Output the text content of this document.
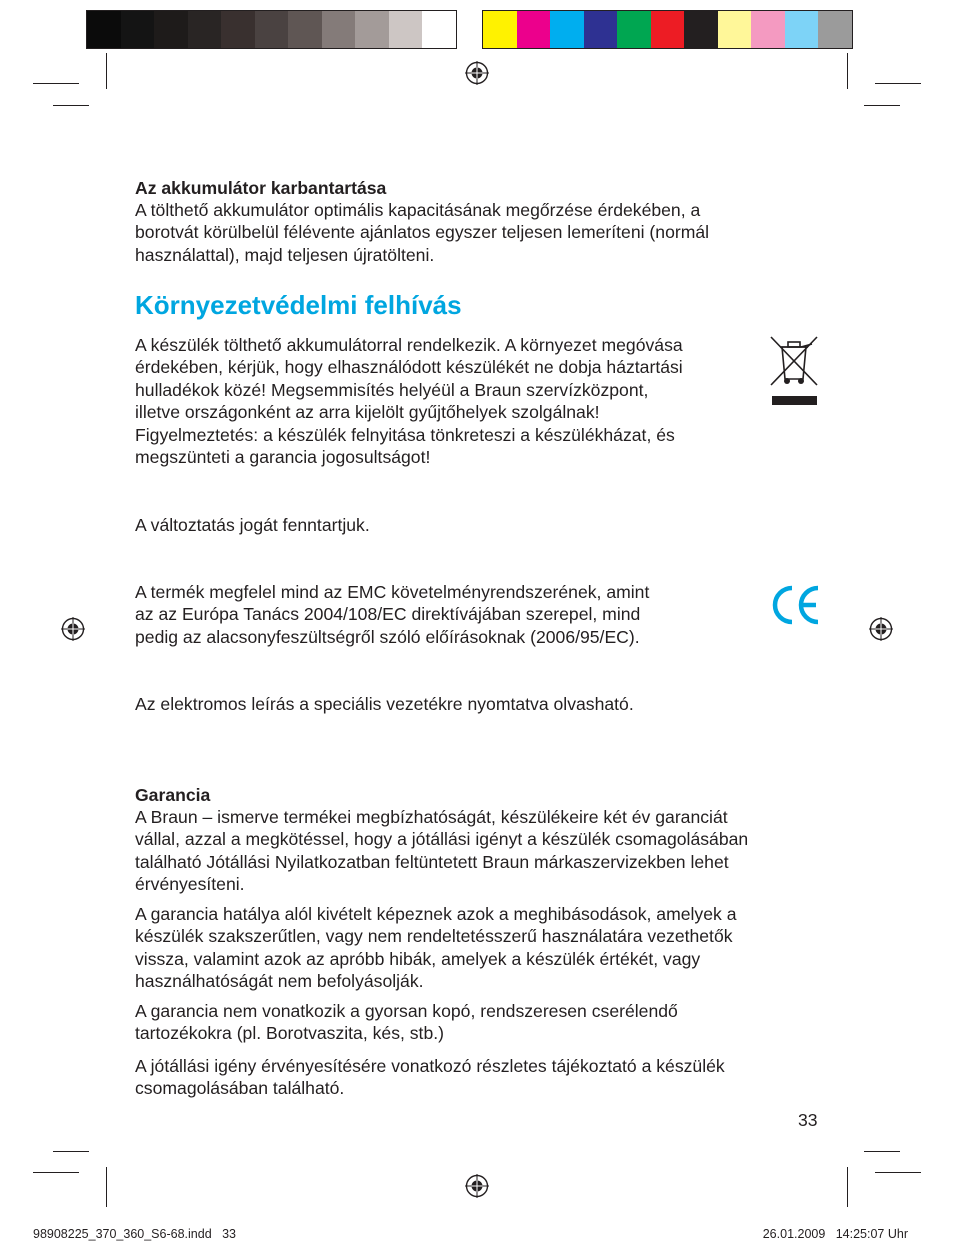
Az akkumulátor karbantartása

A tölthető akkumulátor optimális kapacitásának megőrzése érdekében, a
borotvát körülbelül félévente ajánlatos egyszer teljesen lemeríteni (normál
használattal), majd teljesen újratölteni.
Környezetvédelmi felhívás
A készülék tölthető akkumulátorral rendelkezik. A környezet megóvása
érdekében, kérjük, hogy elhasználódott készülékét ne dobja háztartási
hulladékok közé! Megsemmisítés helyéül a Braun szervízközpont,
illetve országonként az arra kijelölt gyűjtőhelyek szolgálnak!
Figyelmeztetés: a készülék felnyitása tönkreteszi a készülékházat, és
megszünteti a garancia jogosultságot!

A változtatás jogát fenntartjuk.

A termék megfelel mind az EMC követelményrendszerének, amint
az az Európa Tanács 2004/108/EC direktívájában szerepel, mind
pedig az alacsonyfeszültségről szóló előírásoknak (2006/95/EC).

Az elektromos leírás a speciális vezetékre nyomtatva olvasható.

Garancia

A Braun – ismerve termékei megbízhatóságát, készülékeire két év garanciát
vállal, azzal a megkötéssel, hogy a jótállási igényt a készülék csomagolásában
található Jótállási Nyilatkozatban feltüntetett Braun márkaszervizekben lehet
érvényesíteni.
A garancia hatálya alól kivételt képeznek azok a meghibásodások, amelyek a
készülék szakszerűtlen, vagy nem rendeltetésszerű használatára vezethetők
vissza, valamint azok az apróbb hibák, amelyek a készülék értékét, vagy
használhatóságát nem befolyásolják.
A garancia nem vonatkozik a gyorsan kopó, rendszeresen cserélendő
tartozékokra (pl. Borotvaszita, kés, stb.)
A jótállási igény érvényesítésére vonatkozó részletes tájékoztató a készülék
csomagolásában található.
33
98908225_370_360_S6-68.indd   33	26.01.2009   14:25:07 Uhr
